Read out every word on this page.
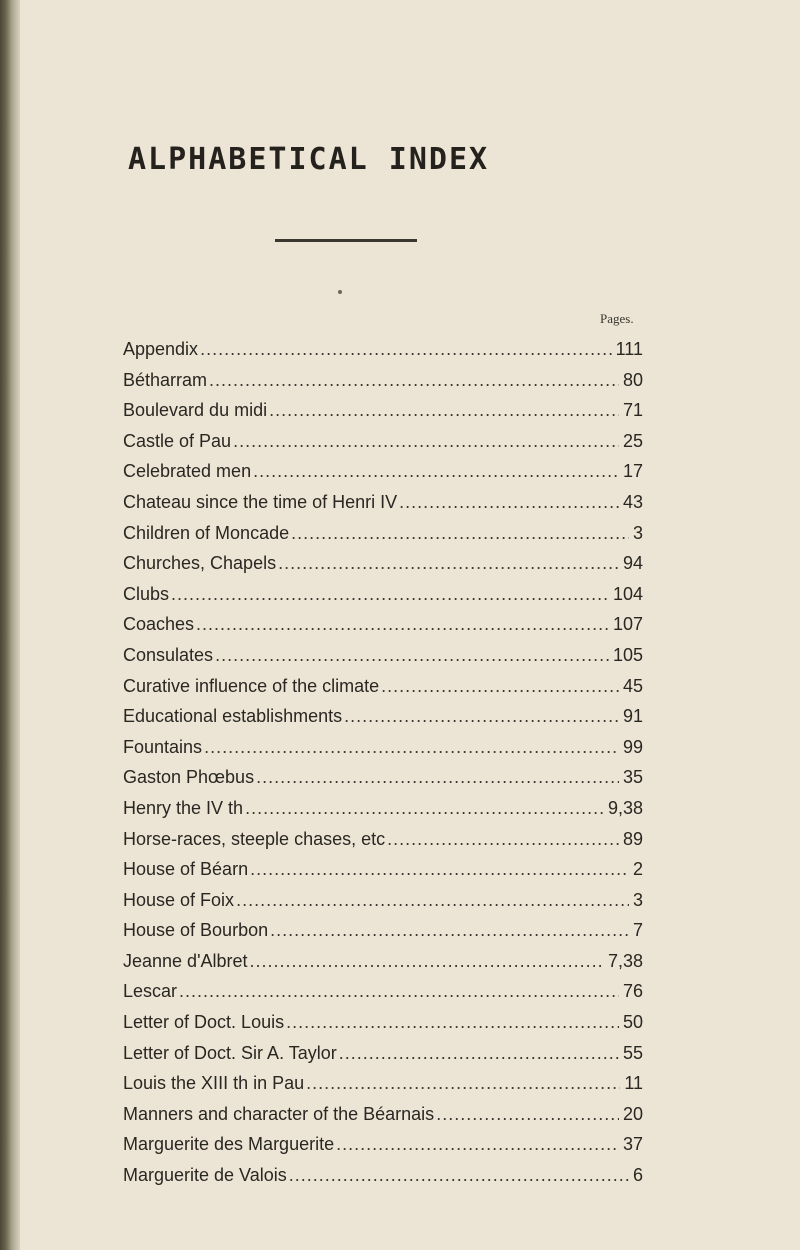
ALPHABETICAL INDEX
Pages.
Appendix .....	111
Bétharram .....	80
Boulevard du midi .....	71
Castle of Pau .....	25
Celebrated men .....	17
Chateau since the time of Henri IV .....	43
Children of Moncade .....	3
Churches, Chapels .....	94
Clubs .....	104
Coaches .....	107
Consulates .....	105
Curative influence of the climate .....	45
Educational establishments .....	91
Fountains .....	99
Gaston Phœbus .....	35
Henry the IV th .....	9,38
Horse-races, steeple chases, etc .....	89
House of Béarn .....	2
House of Foix .....	3
House of Bourbon .....	7
Jeanne d'Albret .....	7,38
Lescar .....	76
Letter of Doct. Louis .....	50
Letter of Doct. Sir A. Taylor .....	55
Louis the XIII th in Pau .....	11
Manners and character of the Béarnais .....	20
Marguerite des Marguerite .....	37
Marguerite de Valois .....	6
